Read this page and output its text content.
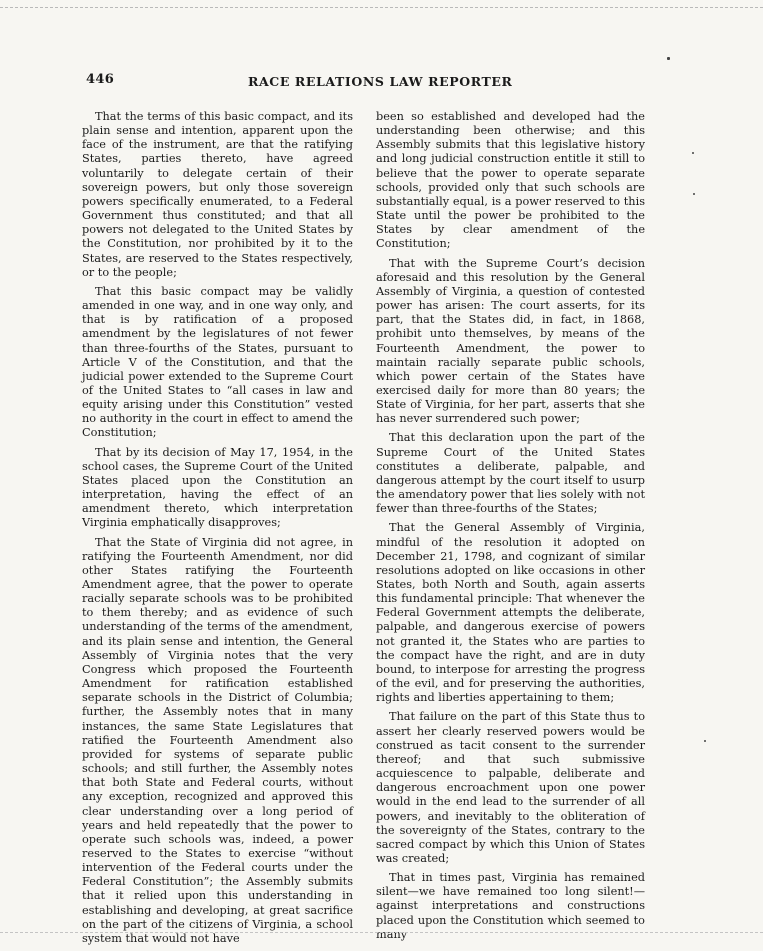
446	RACE RELATIONS LAW REPORTER

That the terms of this basic compact, and its plain sense and intention, apparent upon the face of the instrument, are that the ratifying States, parties thereto, have agreed voluntarily to delegate certain of their sovereign powers, but only those sovereign powers specifically enumerated, to a Federal Government thus constituted; and that all powers not delegated to the United States by the Constitution, nor prohibited by it to the States, are reserved to the States respectively, or to the people;

That this basic compact may be validly amended in one way, and in one way only, and that is by ratification of a proposed amendment by the legislatures of not fewer than three-fourths of the States, pursuant to Article V of the Constitution, and that the judicial power extended to the Supreme Court of the United States to “all cases in law and equity arising under this Constitution” vested no authority in the court in effect to amend the Constitution;

That by its decision of May 17, 1954, in the school cases, the Supreme Court of the United States placed upon the Constitution an interpretation, having the effect of an amendment thereto, which interpretation Virginia emphatically disapproves;

That the State of Virginia did not agree, in ratifying the Fourteenth Amendment, nor did other States ratifying the Fourteenth Amendment agree, that the power to operate racially separate schools was to be prohibited to them thereby; and as evidence of such understanding of the terms of the amendment, and its plain sense and intention, the General Assembly of Virginia notes that the very Congress which proposed the Fourteenth Amendment for ratification established separate schools in the District of Columbia; further, the Assembly notes that in many instances, the same State Legislatures that ratified the Fourteenth Amendment also provided for systems of separate public schools; and still further, the Assembly notes that both State and Federal courts, without any exception, recognized and approved this clear understanding over a long period of years and held repeatedly that the power to operate such schools was, indeed, a power reserved to the States to exercise “without intervention of the Federal courts under the Federal Constitution”; the Assembly submits that it relied upon this understanding in establishing and developing, at great sacrifice on the part of the citizens of Virginia, a school system that would not have

been so established and developed had the understanding been otherwise; and this Assembly submits that this legislative history and long judicial construction entitle it still to believe that the power to operate separate schools, provided only that such schools are substantially equal, is a power reserved to this State until the power be prohibited to the States by clear amendment of the Constitution;

That with the Supreme Court’s decision aforesaid and this resolution by the General Assembly of Virginia, a question of contested power has arisen: The court asserts, for its part, that the States did, in fact, in 1868, prohibit unto themselves, by means of the Fourteenth Amendment, the power to maintain racially separate public schools, which power certain of the States have exercised daily for more than 80 years; the State of Virginia, for her part, asserts that she has never surrendered such power;

That this declaration upon the part of the Supreme Court of the United States constitutes a deliberate, palpable, and dangerous attempt by the court itself to usurp the amendatory power that lies solely with not fewer than three-fourths of the States;

That the General Assembly of Virginia, mindful of the resolution it adopted on December 21, 1798, and cognizant of similar resolutions adopted on like occasions in other States, both North and South, again asserts this fundamental principle: That whenever the Federal Government attempts the deliberate, palpable, and dangerous exercise of powers not granted it, the States who are parties to the compact have the right, and are in duty bound, to interpose for arresting the progress of the evil, and for preserving the authorities, rights and liberties appertaining to them;

That failure on the part of this State thus to assert her clearly reserved powers would be construed as tacit consent to the surrender thereof; and that such submissive acquiescence to palpable, deliberate and dangerous encroachment upon one power would in the end lead to the surrender of all powers, and inevitably to the obliteration of the sovereignty of the States, contrary to the sacred compact by which this Union of States was created;

That in times past, Virginia has remained silent—we have remained too long silent!—against interpretations and constructions placed upon the Constitution which seemed to many
